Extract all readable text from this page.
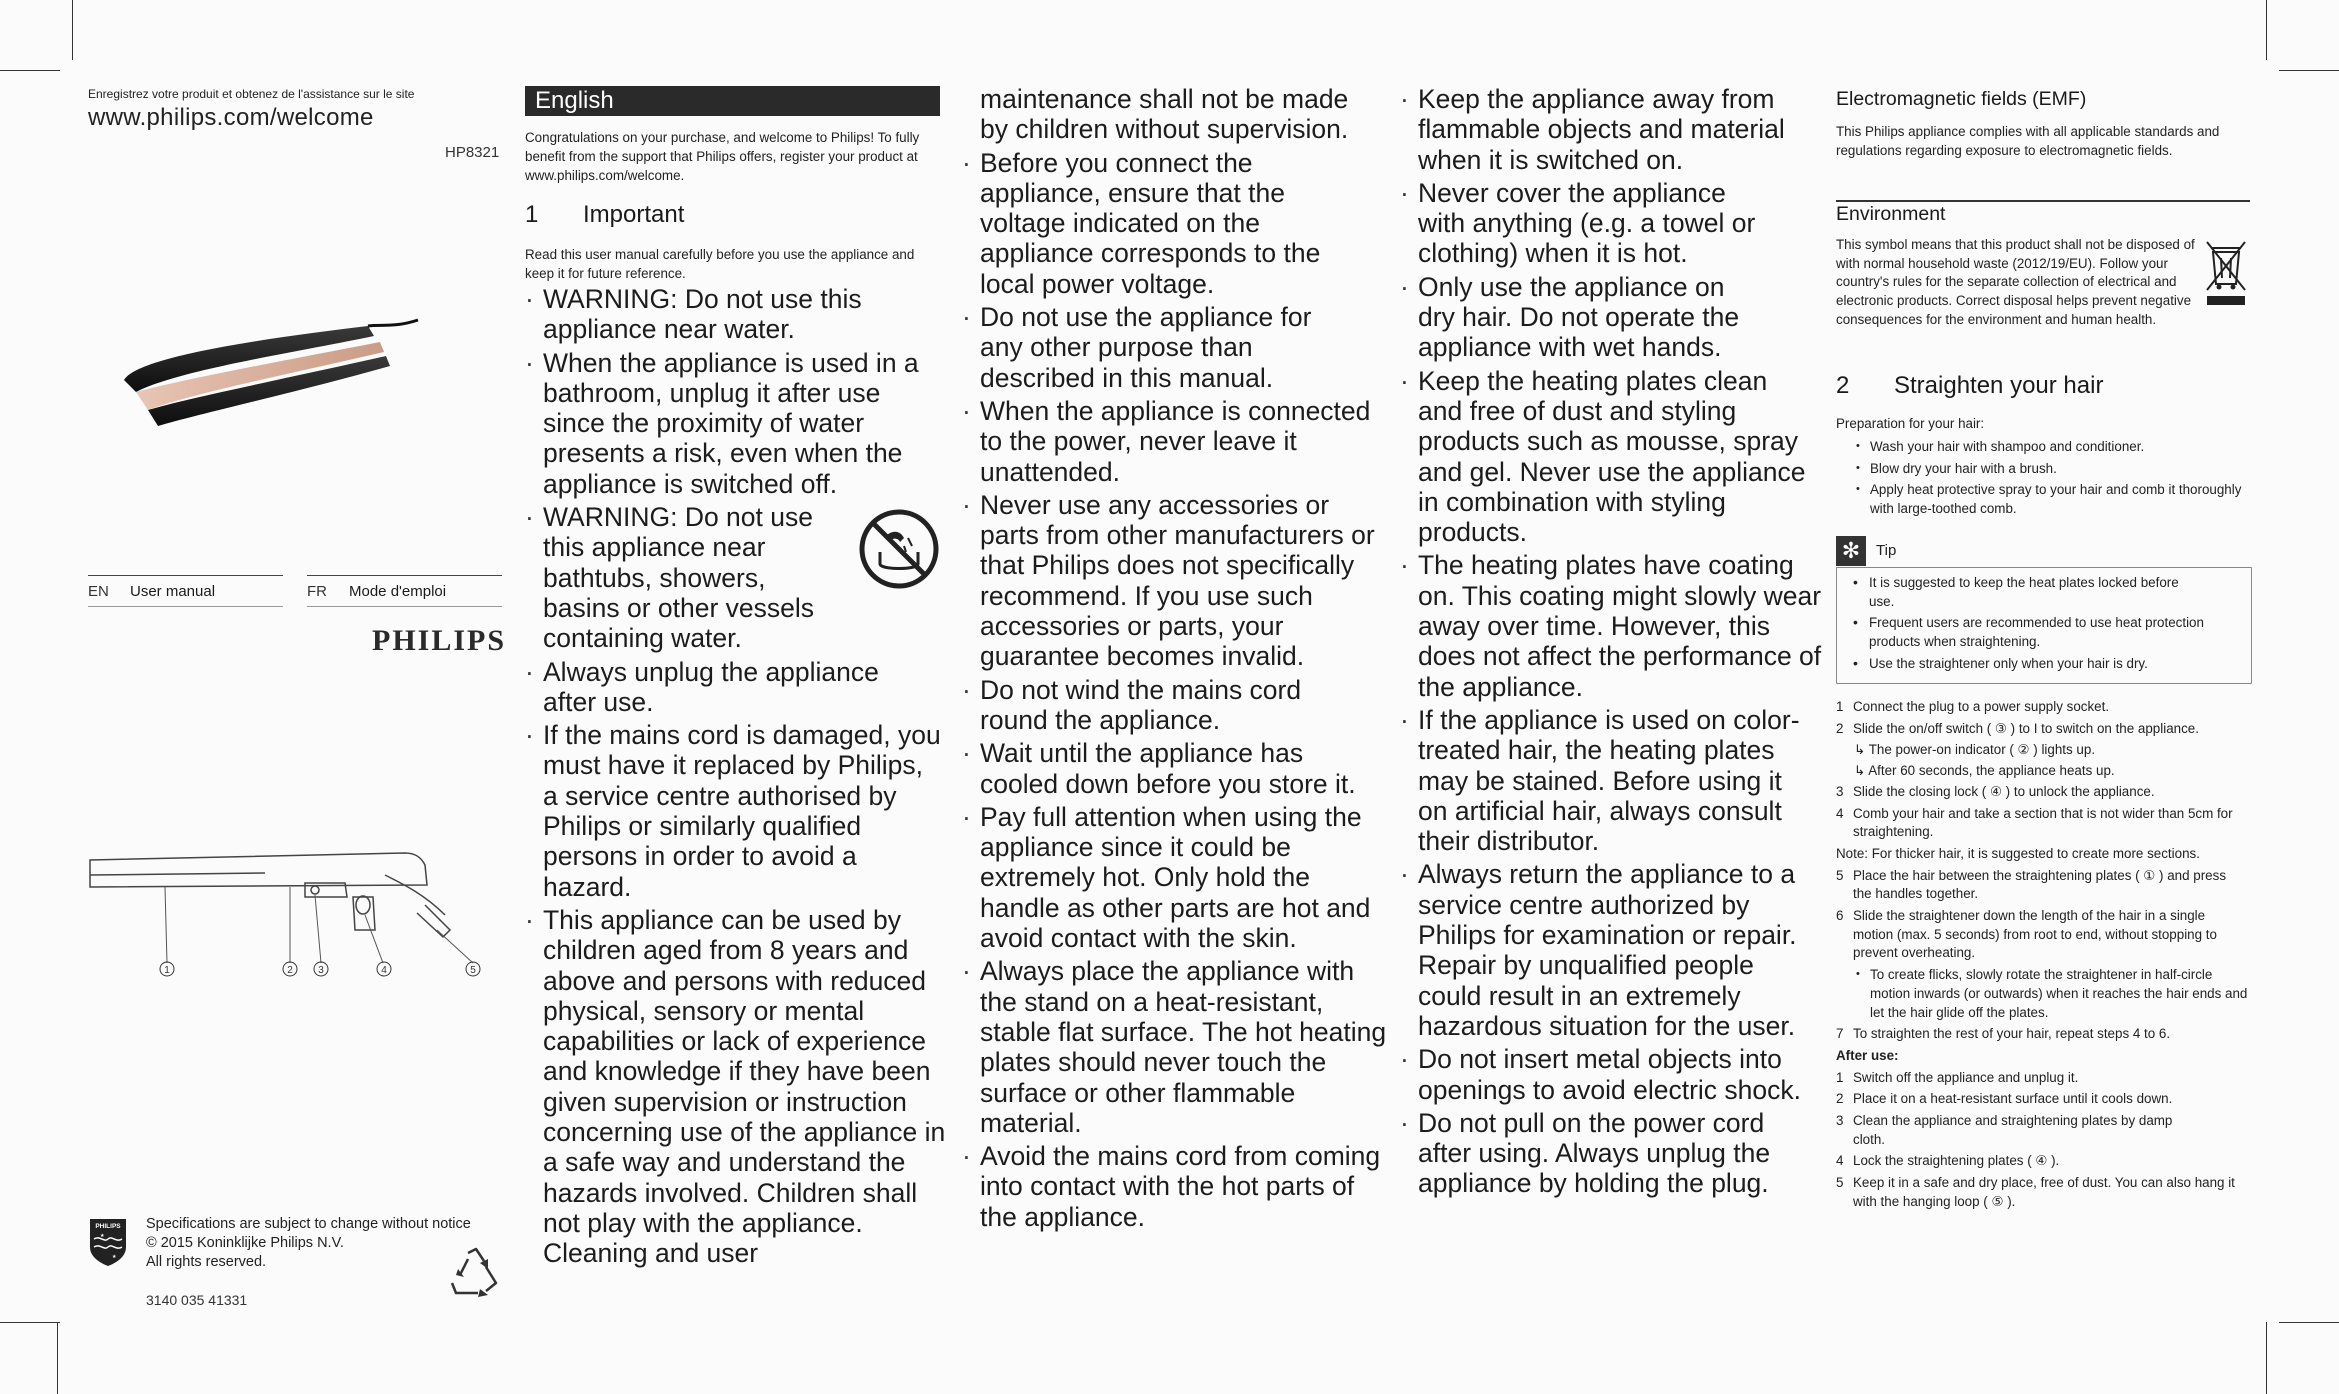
Enregistrez votre produit et obtenez de l'assistance sur le site
www.philips.com/welcome
HP8321
EN	User manual	FR	Mode d'emploi
PHILIPS
1	2	3	4	5
PHILIPS
★
★
Specifications are subject to change without notice
© 2015 Koninklijke Philips N.V.
All rights reserved.
3140 035 41331
English
Congratulations on your purchase, and welcome to Philips! To fully benefit from the support that Philips offers, register your product at www.philips.com/welcome.
1 Important
Read this user manual carefully before you use the appliance and keep it for future reference.
· WARNING: Do not use this appliance near water.
· When the appliance is used in a bathroom, unplug it after use since the proximity of water presents a risk, even when the appliance is switched off.
· WARNING: Do not use this appliance near bathtubs, showers, basins or other vessels containing water.
· Always unplug the appliance after use.
· If the mains cord is damaged, you must have it replaced by Philips, a service centre authorised by Philips or similarly qualified persons in order to avoid a hazard.
· This appliance can be used by children aged from 8 years and above and persons with reduced physical, sensory or mental capabilities or lack of experience and knowledge if they have been given supervision or instruction concerning use of the appliance in a safe way and understand the hazards involved. Children shall not play with the appliance. Cleaning and user
maintenance shall not be made by children without supervision.
· Before you connect the appliance, ensure that the voltage indicated on the appliance corresponds to the local power voltage.
· Do not use the appliance for any other purpose than described in this manual.
· When the appliance is connected to the power, never leave it unattended.
· Never use any accessories or parts from other manufacturers or that Philips does not specifically recommend. If you use such accessories or parts, your guarantee becomes invalid.
· Do not wind the mains cord round the appliance.
· Wait until the appliance has cooled down before you store it.
· Pay full attention when using the appliance since it could be extremely hot. Only hold the handle as other parts are hot and avoid contact with the skin.
· Always place the appliance with the stand on a heat-resistant, stable flat surface. The hot heating plates should never touch the surface or other flammable material.
· Avoid the mains cord from coming into contact with the hot parts of the appliance.
· Keep the appliance away from flammable objects and material when it is switched on.
· Never cover the appliance with anything (e.g. a towel or clothing) when it is hot.
· Only use the appliance on dry hair. Do not operate the appliance with wet hands.
· Keep the heating plates clean and free of dust and styling products such as mousse, spray and gel. Never use the appliance in combination with styling products.
· The heating plates have coating on. This coating might slowly wear away over time. However, this does not affect the performance of the appliance.
· If the appliance is used on color-treated hair, the heating plates may be stained. Before using it on artificial hair, always consult their distributor.
· Always return the appliance to a service centre authorized by Philips for examination or repair. Repair by unqualified people could result in an extremely hazardous situation for the user.
· Do not insert metal objects into openings to avoid electric shock.
· Do not pull on the power cord after using. Always unplug the appliance by holding the plug.
Electromagnetic fields (EMF)
This Philips appliance complies with all applicable standards and regulations regarding exposure to electromagnetic fields.
Environment
This symbol means that this product shall not be disposed of with normal household waste (2012/19/EU). Follow your country's rules for the separate collection of electrical and electronic products. Correct disposal helps prevent negative consequences for the environment and human health.
2 Straighten your hair
Preparation for your hair:
• Wash your hair with shampoo and conditioner.
• Blow dry your hair with a brush.
• Apply heat protective spray to your hair and comb it thoroughly with large-toothed comb.
✻	Tip
• It is suggested to keep the heat plates locked before use.
• Frequent users are recommended to use heat protection products when straightening.
• Use the straightener only when your hair is dry.
1 Connect the plug to a power supply socket.
2 Slide the on/off switch ( ③ ) to I to switch on the appliance.
↳ The power-on indicator ( ② ) lights up.
↳ After 60 seconds, the appliance heats up.
3 Slide the closing lock ( ④ ) to unlock the appliance.
4 Comb your hair and take a section that is not wider than 5cm for straightening.
Note: For thicker hair, it is suggested to create more sections.
5 Place the hair between the straightening plates ( ① ) and press the handles together.
6 Slide the straightener down the length of the hair in a single motion (max. 5 seconds) from root to end, without stopping to prevent overheating.
• To create flicks, slowly rotate the straightener in half-circle motion inwards (or outwards) when it reaches the hair ends and let the hair glide off the plates.
7 To straighten the rest of your hair, repeat steps 4 to 6.
After use:
1 Switch off the appliance and unplug it.
2 Place it on a heat-resistant surface until it cools down.
3 Clean the appliance and straightening plates by damp cloth.
4 Lock the straightening plates ( ④ ).
5 Keep it in a safe and dry place, free of dust. You can also hang it with the hanging loop ( ⑤ ).
